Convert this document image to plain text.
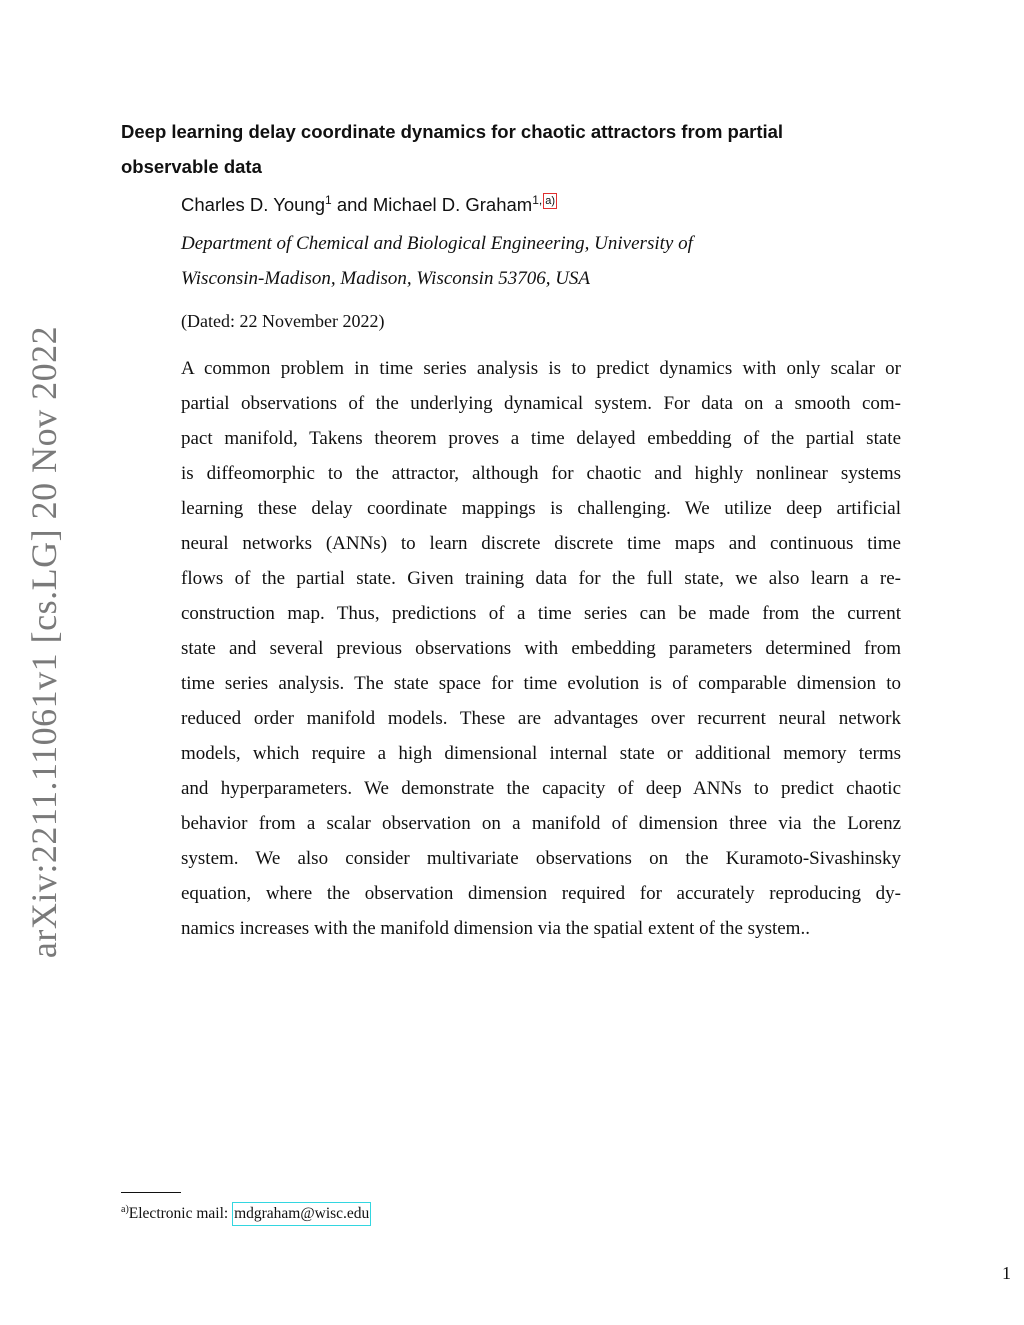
arXiv:2211.11061v1 [cs.LG] 20 Nov 2022
Deep learning delay coordinate dynamics for chaotic attractors from partial
observable data
Charles D. Young$^1$ and Michael D. Graham$^{1,}$ a)
Department of Chemical and Biological Engineering, University of
Wisconsin-Madison, Madison, Wisconsin 53706, USA
(Dated: 22 November 2022)
A common problem in time series analysis is to predict dynamics with only scalar or
partial observations of the underlying dynamical system. For data on a smooth com-
pact manifold, Takens theorem proves a time delayed embedding of the partial state
is diffeomorphic to the attractor, although for chaotic and highly nonlinear systems
learning these delay coordinate mappings is challenging. We utilize deep artificial
neural networks (ANNs) to learn discrete discrete time maps and continuous time
flows of the partial state. Given training data for the full state, we also learn a re-
construction map. Thus, predictions of a time series can be made from the current
state and several previous observations with embedding parameters determined from
time series analysis. The state space for time evolution is of comparable dimension to
reduced order manifold models. These are advantages over recurrent neural network
models, which require a high dimensional internal state or additional memory terms
and hyperparameters. We demonstrate the capacity of deep ANNs to predict chaotic
behavior from a scalar observation on a manifold of dimension three via the Lorenz
system. We also consider multivariate observations on the Kuramoto-Sivashinsky
equation, where the observation dimension required for accurately reproducing dy-
namics increases with the manifold dimension via the spatial extent of the system..
$^{a)}$Electronic mail: mdgraham@wisc.edu
1
